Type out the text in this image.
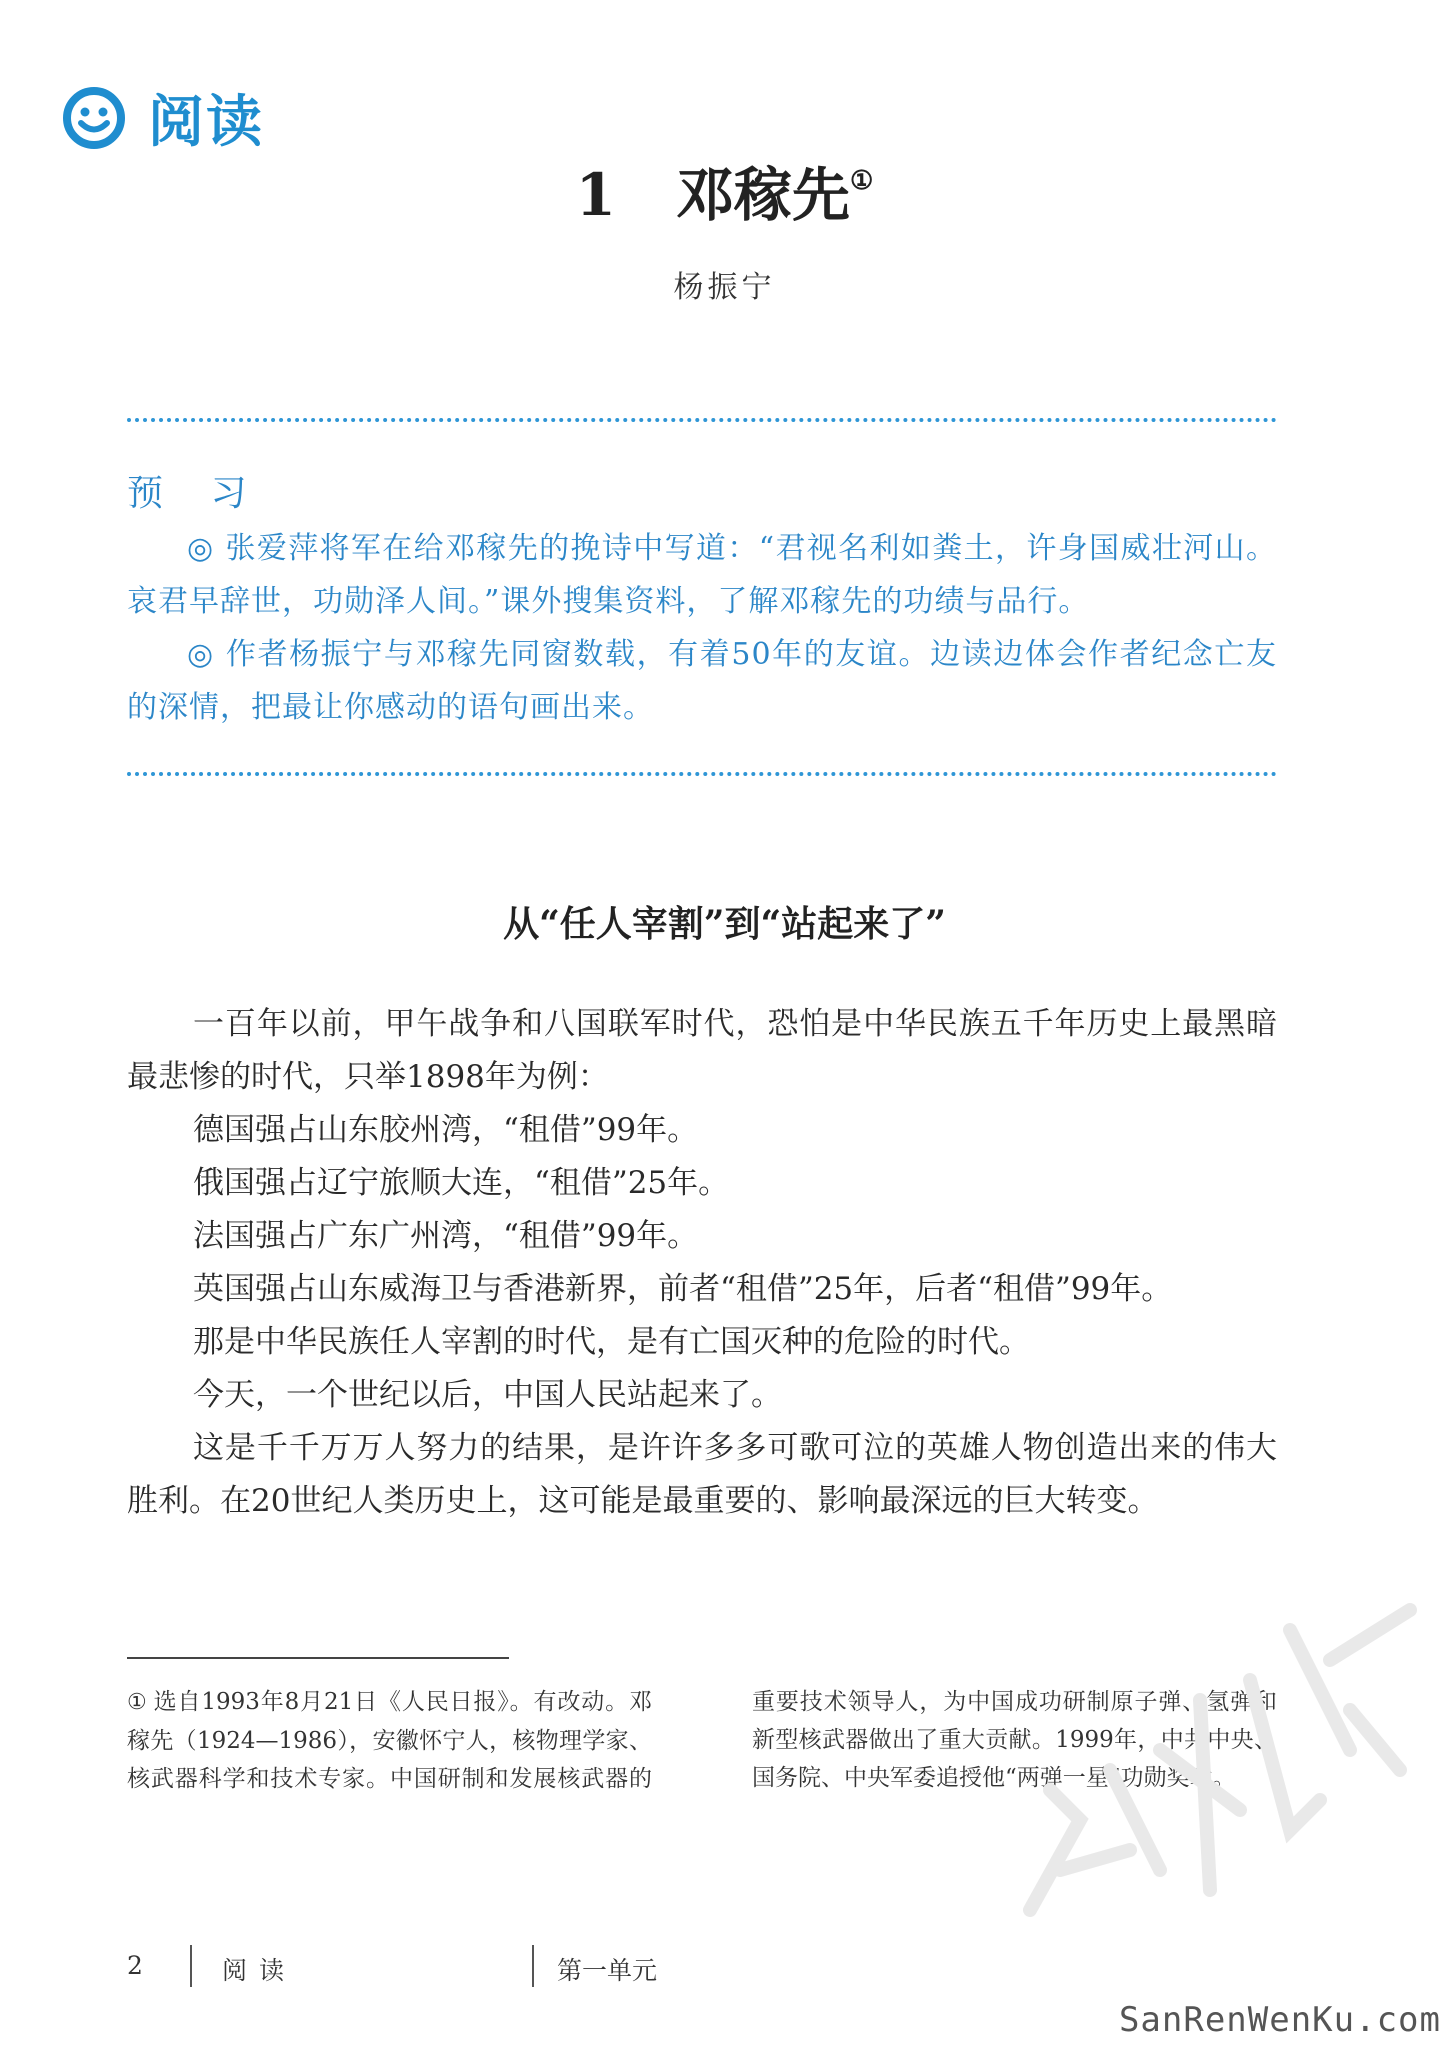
阅读
1 邓稼先①
杨振宁
预 习

◎ 张爱萍将军在给邓稼先的挽诗中写道：“君视名利如粪土，许身国威壮河山。哀君早辞世，功勋泽人间。”课外搜集资料，了解邓稼先的功绩与品行。

◎ 作者杨振宁与邓稼先同窗数载，有着50年的友谊。边读边体会作者纪念亡友的深情，把最让你感动的语句画出来。

从“任人宰割”到“站起来了”

一百年以前，甲午战争和八国联军时代，恐怕是中华民族五千年历史上最黑暗最悲惨的时代，只举1898年为例：

德国强占山东胶州湾，“租借”99年。

俄国强占辽宁旅顺大连，“租借”25年。

法国强占广东广州湾，“租借”99年。

英国强占山东威海卫与香港新界，前者“租借”25年，后者“租借”99年。

那是中华民族任人宰割的时代，是有亡国灭种的危险的时代。

今天，一个世纪以后，中国人民站起来了。

这是千千万万人努力的结果，是许许多多可歌可泣的英雄人物创造出来的伟大胜利。在20世纪人类历史上，这可能是最重要的、影响最深远的巨大转变。

① 选自1993年8月21日《人民日报》。有改动。邓稼先（1924—1986），安徽怀宁人，核物理学家、核武器科学和技术专家。中国研制和发展核武器的重要技术领导人，为中国成功研制原子弹、氢弹和新型核武器做出了重大贡献。1999年，中共中央、国务院、中央军委追授他“两弹一星”功勋奖章。
2	阅读	第一单元
SanRenWenKu.com
